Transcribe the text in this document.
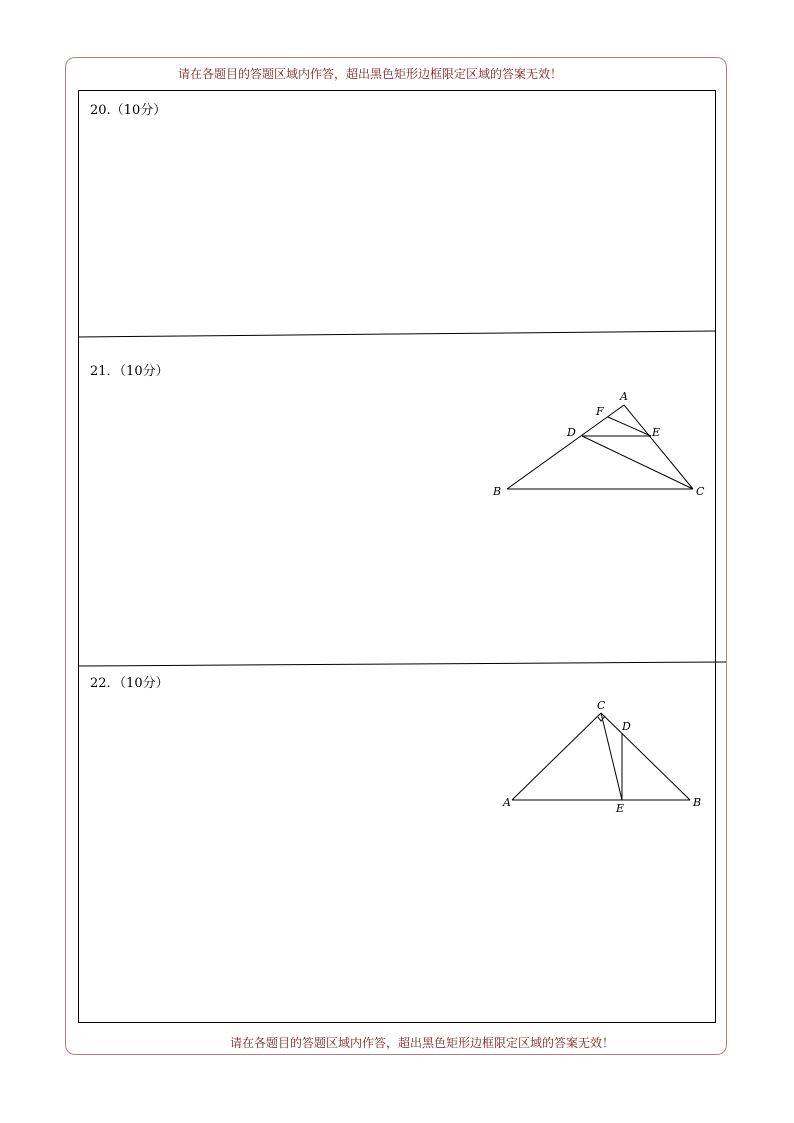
请在各题目的答题区域内作答，超出黑色矩形边框限定区域的答案无效！
20.（10分）
21．（10分）
22．（10分）
A
F
D	E
B	C
C
D
A	E	B
请在各题目的答题区域内作答，超出黑色矩形边框限定区域的答案无效！
